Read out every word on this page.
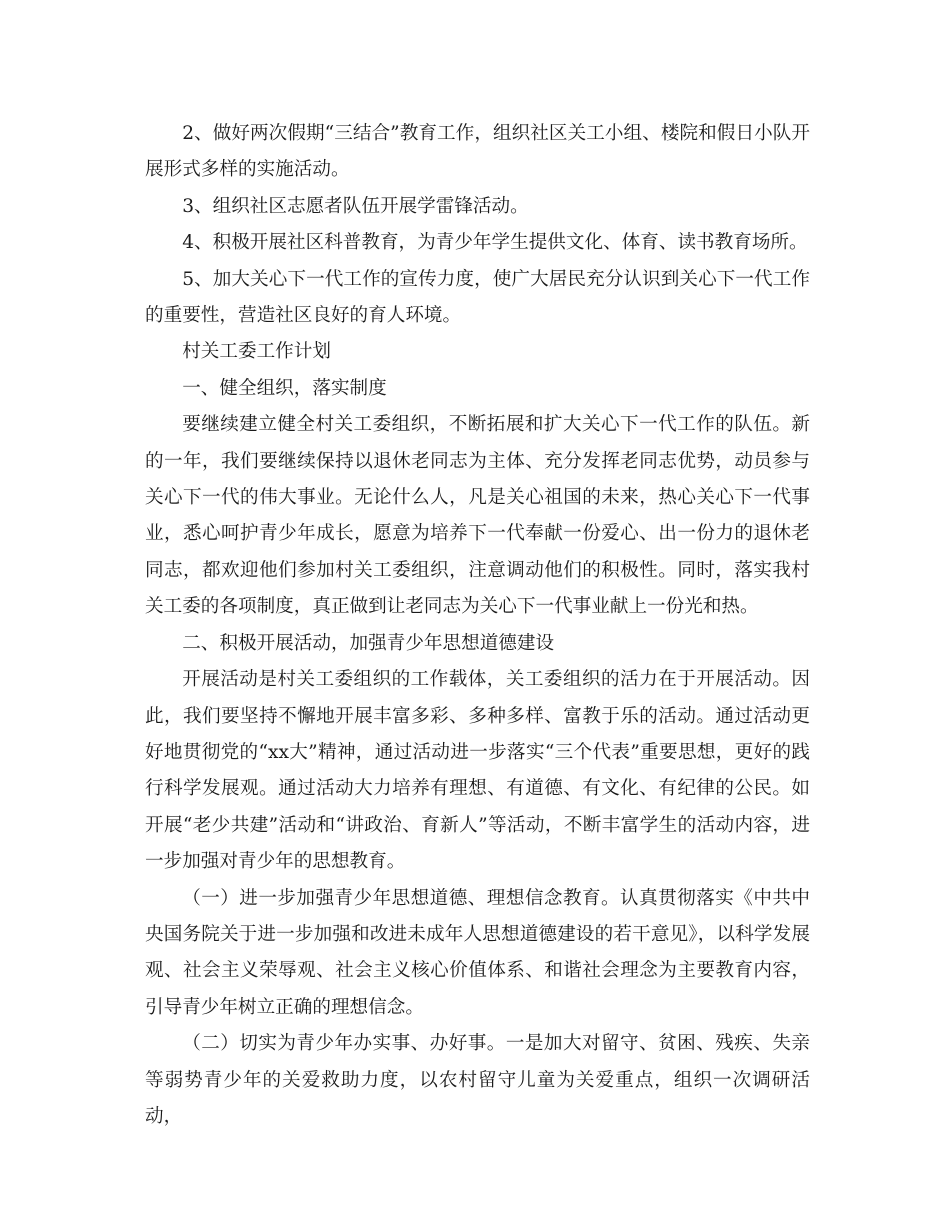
2、做好两次假期“三结合”教育工作，组织社区关工小组、楼院和假日小队开展形式多样的实施活动。

3、组织社区志愿者队伍开展学雷锋活动。

4、积极开展社区科普教育，为青少年学生提供文化、体育、读书教育场所。

5、加大关心下一代工作的宣传力度，使广大居民充分认识到关心下一代工作的重要性，营造社区良好的育人环境。

村关工委工作计划

一、健全组织，落实制度

要继续建立健全村关工委组织，不断拓展和扩大关心下一代工作的队伍。新的一年，我们要继续保持以退休老同志为主体、充分发挥老同志优势，动员参与关心下一代的伟大事业。无论什么人，凡是关心祖国的未来，热心关心下一代事业，悉心呵护青少年成长，愿意为培养下一代奉献一份爱心、出一份力的退休老同志，都欢迎他们参加村关工委组织，注意调动他们的积极性。同时，落实我村关工委的各项制度，真正做到让老同志为关心下一代事业献上一份光和热。

二、积极开展活动，加强青少年思想道德建设

开展活动是村关工委组织的工作载体，关工委组织的活力在于开展活动。因此，我们要坚持不懈地开展丰富多彩、多种多样、富教于乐的活动。通过活动更好地贯彻党的“xx大”精神，通过活动进一步落实“三个代表”重要思想，更好的践行科学发展观。通过活动大力培养有理想、有道德、有文化、有纪律的公民。如开展“老少共建”活动和“讲政治、育新人”等活动，不断丰富学生的活动内容，进一步加强对青少年的思想教育。

（一）进一步加强青少年思想道德、理想信念教育。认真贯彻落实《中共中央国务院关于进一步加强和改进未成年人思想道德建设的若干意见》，以科学发展观、社会主义荣辱观、社会主义核心价值体系、和谐社会理念为主要教育内容，引导青少年树立正确的理想信念。

（二）切实为青少年办实事、办好事。一是加大对留守、贫困、残疾、失亲等弱势青少年的关爱救助力度，以农村留守儿童为关爱重点，组织一次调研活动，
